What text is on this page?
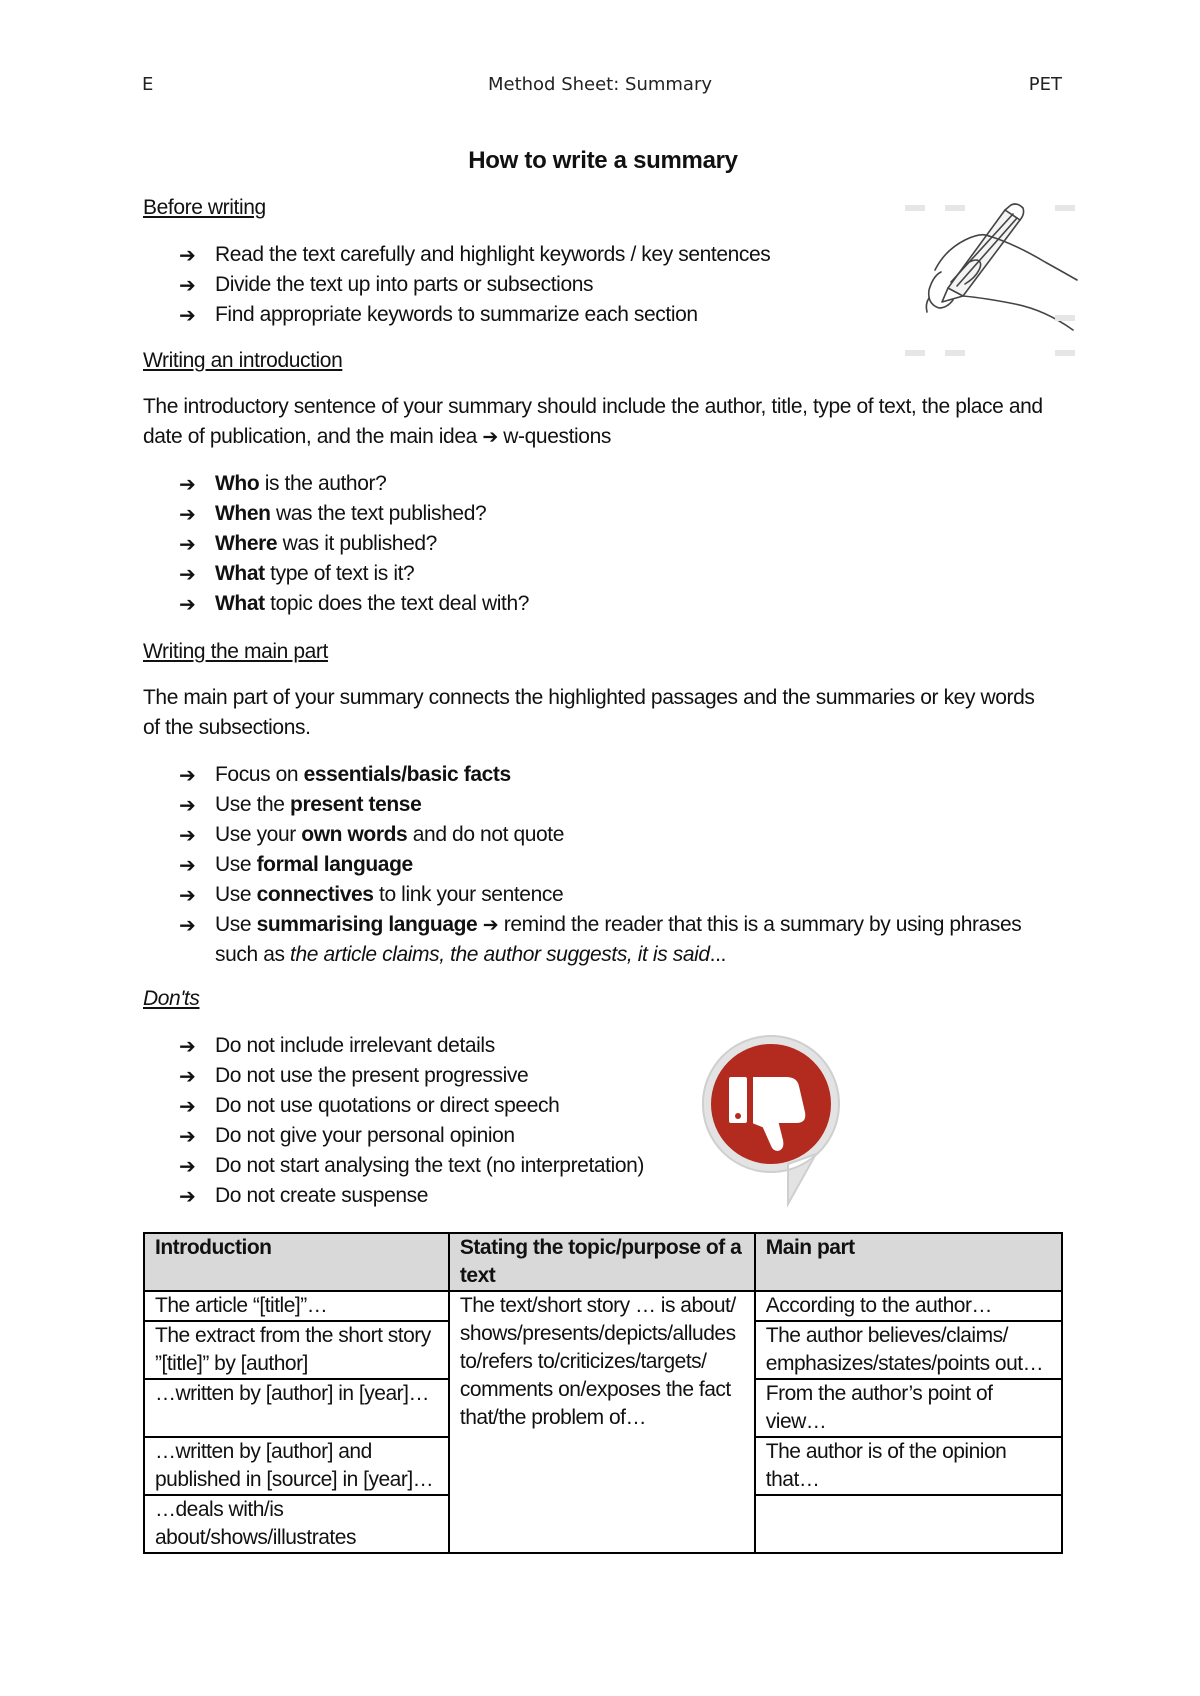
E	Method Sheet: Summary	PET
How to write a summary
Before writing
➔ Read the text carefully and highlight keywords / key sentences
➔ Divide the text up into parts or subsections
➔ Find appropriate keywords to summarize each section
Writing an introduction
The introductory sentence of your summary should include the author, title, type of text, the place and date of publication, and the main idea ➔ w-questions
➔ Who is the author?
➔ When was the text published?
➔ Where was it published?
➔ What type of text is it?
➔ What topic does the text deal with?
Writing the main part
The main part of your summary connects the highlighted passages and the summaries or key words of the subsections.
➔ Focus on essentials/basic facts
➔ Use the present tense
➔ Use your own words and do not quote
➔ Use formal language
➔ Use connectives to link your sentence
➔ Use summarising language ➔ remind the reader that this is a summary by using phrases such as the article claims, the author suggests, it is said...
Don'ts
➔ Do not include irrelevant details
➔ Do not use the present progressive
➔ Do not use quotations or direct speech
➔ Do not give your personal opinion
➔ Do not start analysing the text (no interpretation)
➔ Do not create suspense
Introduction	Stating the topic/purpose of a text	Main part
The article “[title]”…	The text/short story … is about/ shows/presents/depicts/alludes to/refers to/criticizes/targets/ comments on/exposes the fact that/the problem of…	According to the author…
The extract from the short story ”[title]” by [author]		The author believes/claims/ emphasizes/states/points out…
…written by [author] in [year]…		From the author’s point of view…
…written by [author] and published in [source] in [year]…		The author is of the opinion that…
…deals with/is about/shows/illustrates		
